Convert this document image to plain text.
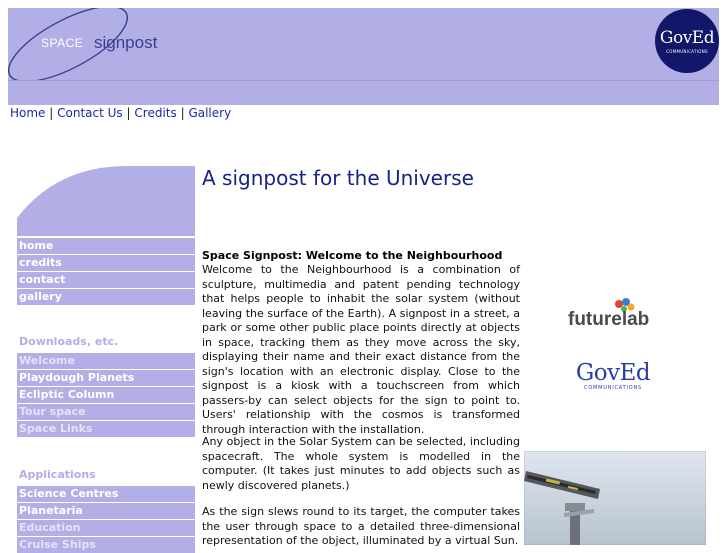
SPACE signpost	GovEd
COMMUNICATIONS
Home | Contact Us | Credits | Gallery
home
credits
contact
gallery
Downloads, etc.
Welcome
Playdough Planets
Ecliptic Column
Tour space
Space Links
Applications
Science Centres
Planetaria
Education
Cruise Ships
A signpost for the Universe
Space Signpost: Welcome to the Neighbourhood
Welcome to the Neighbourhood is a combination of sculpture, multimedia and patent pending technology that helps people to inhabit the solar system (without leaving the surface of the Earth). A signpost in a street, a park or some other public place points directly at objects in space, tracking them as they move across the sky, displaying their name and their exact distance from the sign's location with an electronic display. Close to the signpost is a kiosk with a touchscreen from which passers-by can select objects for the sign to point to. Users' relationship with the cosmos is transformed through interaction with the installation.
Any object in the Solar System can be selected, including spacecraft. The whole system is modelled in the computer. (It takes just minutes to add objects such as newly discovered planets.)
As the sign slews round to its target, the computer takes the user through space to a detailed three-dimensional representation of the object, illuminated by a virtual Sun.
futurelab
GovEd
COMMUNICATIONS
